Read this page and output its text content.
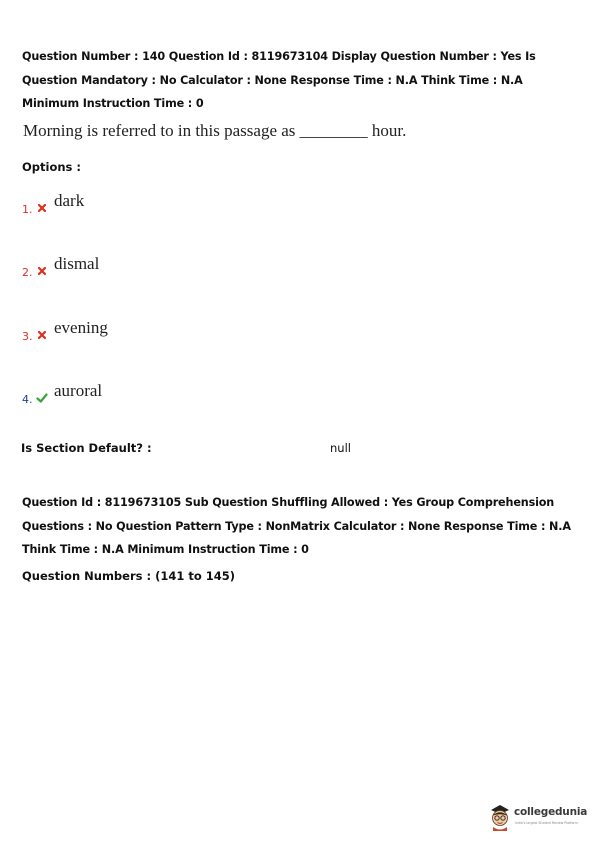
Question Number : 140 Question Id : 8119673104 Display Question Number : Yes Is Question Mandatory : No Calculator : None Response Time : N.A Think Time : N.A Minimum Instruction Time : 0
Morning is referred to in this passage as ________ hour.
Options :
1. dark
2. dismal
3. evening
4. auroral
Is Section Default? :	null
Question Id : 8119673105 Sub Question Shuffling Allowed : Yes Group Comprehension Questions : No Question Pattern Type : NonMatrix Calculator : None Response Time : N.A Think Time : N.A Minimum Instruction Time : 0
Question Numbers : (141 to 145)
collegedunia
India's largest Student Review Platform
